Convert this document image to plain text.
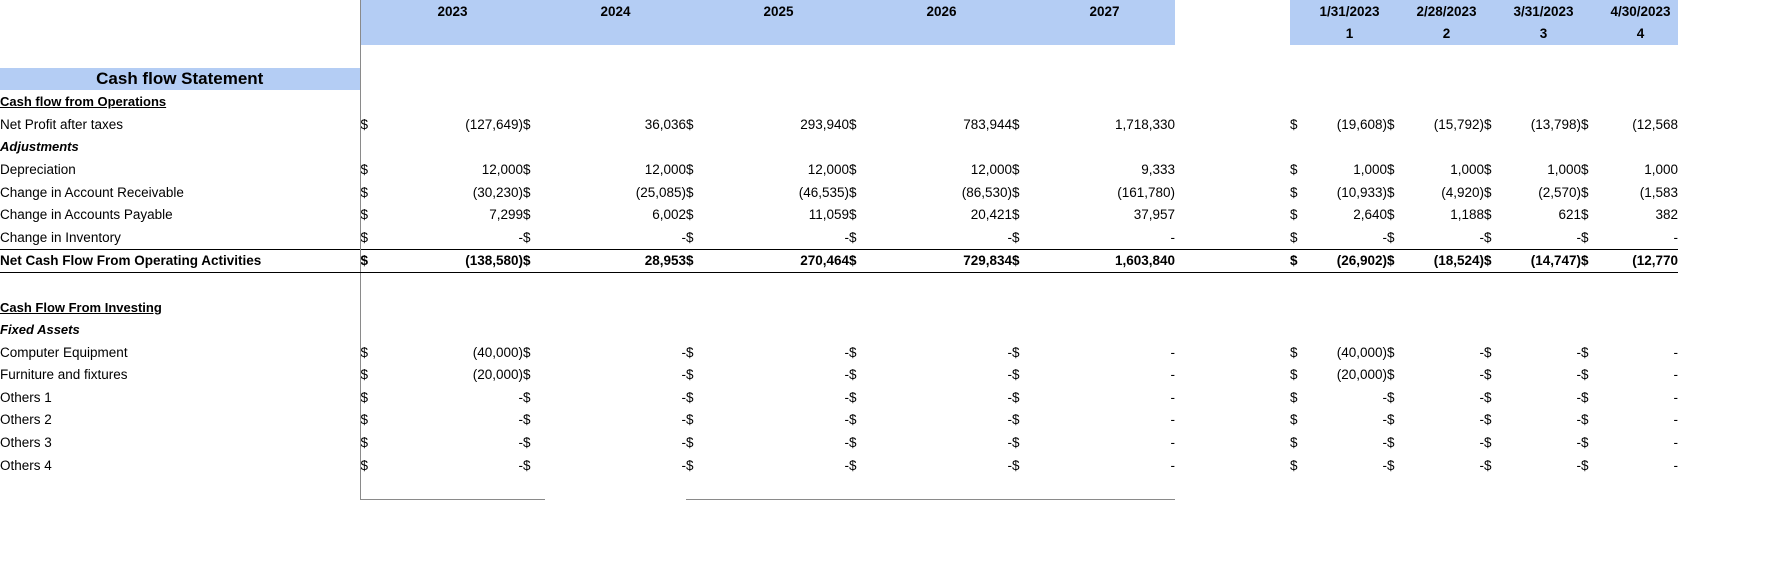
		2023		2024		2025		2026		2027			1/31/2023		2/28/2023		3/31/2023		4/30/2023
													1		2		3		4

Cash flow Statement																			
Cash flow from Operations																			
Net Profit after taxes	$	(127,649)	$	36,036	$	293,940	$	783,944	$	1,718,330		$	(19,608)	$	(15,792)	$	(13,798)	$	(12,568
Adjustments																			
Depreciation	$	12,000	$	12,000	$	12,000	$	12,000	$	9,333		$	1,000	$	1,000	$	1,000	$	1,000
Change in Account Receivable	$	(30,230)	$	(25,085)	$	(46,535)	$	(86,530)	$	(161,780)		$	(10,933)	$	(4,920)	$	(2,570)	$	(1,583
Change in Accounts Payable	$	7,299	$	6,002	$	11,059	$	20,421	$	37,957		$	2,640	$	1,188	$	621	$	382
Change in Inventory	$	-	$	-	$	-	$	-	$	-		$	-	$	-	$	-	$	-
Net Cash Flow From Operating Activities	$	(138,580)	$	28,953	$	270,464	$	729,834	$	1,603,840		$	(26,902)	$	(18,524)	$	(14,747)	$	(12,770

Cash Flow From Investing																			
Fixed Assets																			
Computer Equipment	$	(40,000)	$	-	$	-	$	-	$	-		$	(40,000)	$	-	$	-	$	-
Furniture and fixtures	$	(20,000)	$	-	$	-	$	-	$	-		$	(20,000)	$	-	$	-	$	-
Others 1	$	-	$	-	$	-	$	-	$	-		$	-	$	-	$	-	$	-
Others 2	$	-	$	-	$	-	$	-	$	-		$	-	$	-	$	-	$	-
Others 3	$	-	$	-	$	-	$	-	$	-		$	-	$	-	$	-	$	-
Others 4	$	-	$	-	$	-	$	-	$	-		$	-	$	-	$	-	$	-
